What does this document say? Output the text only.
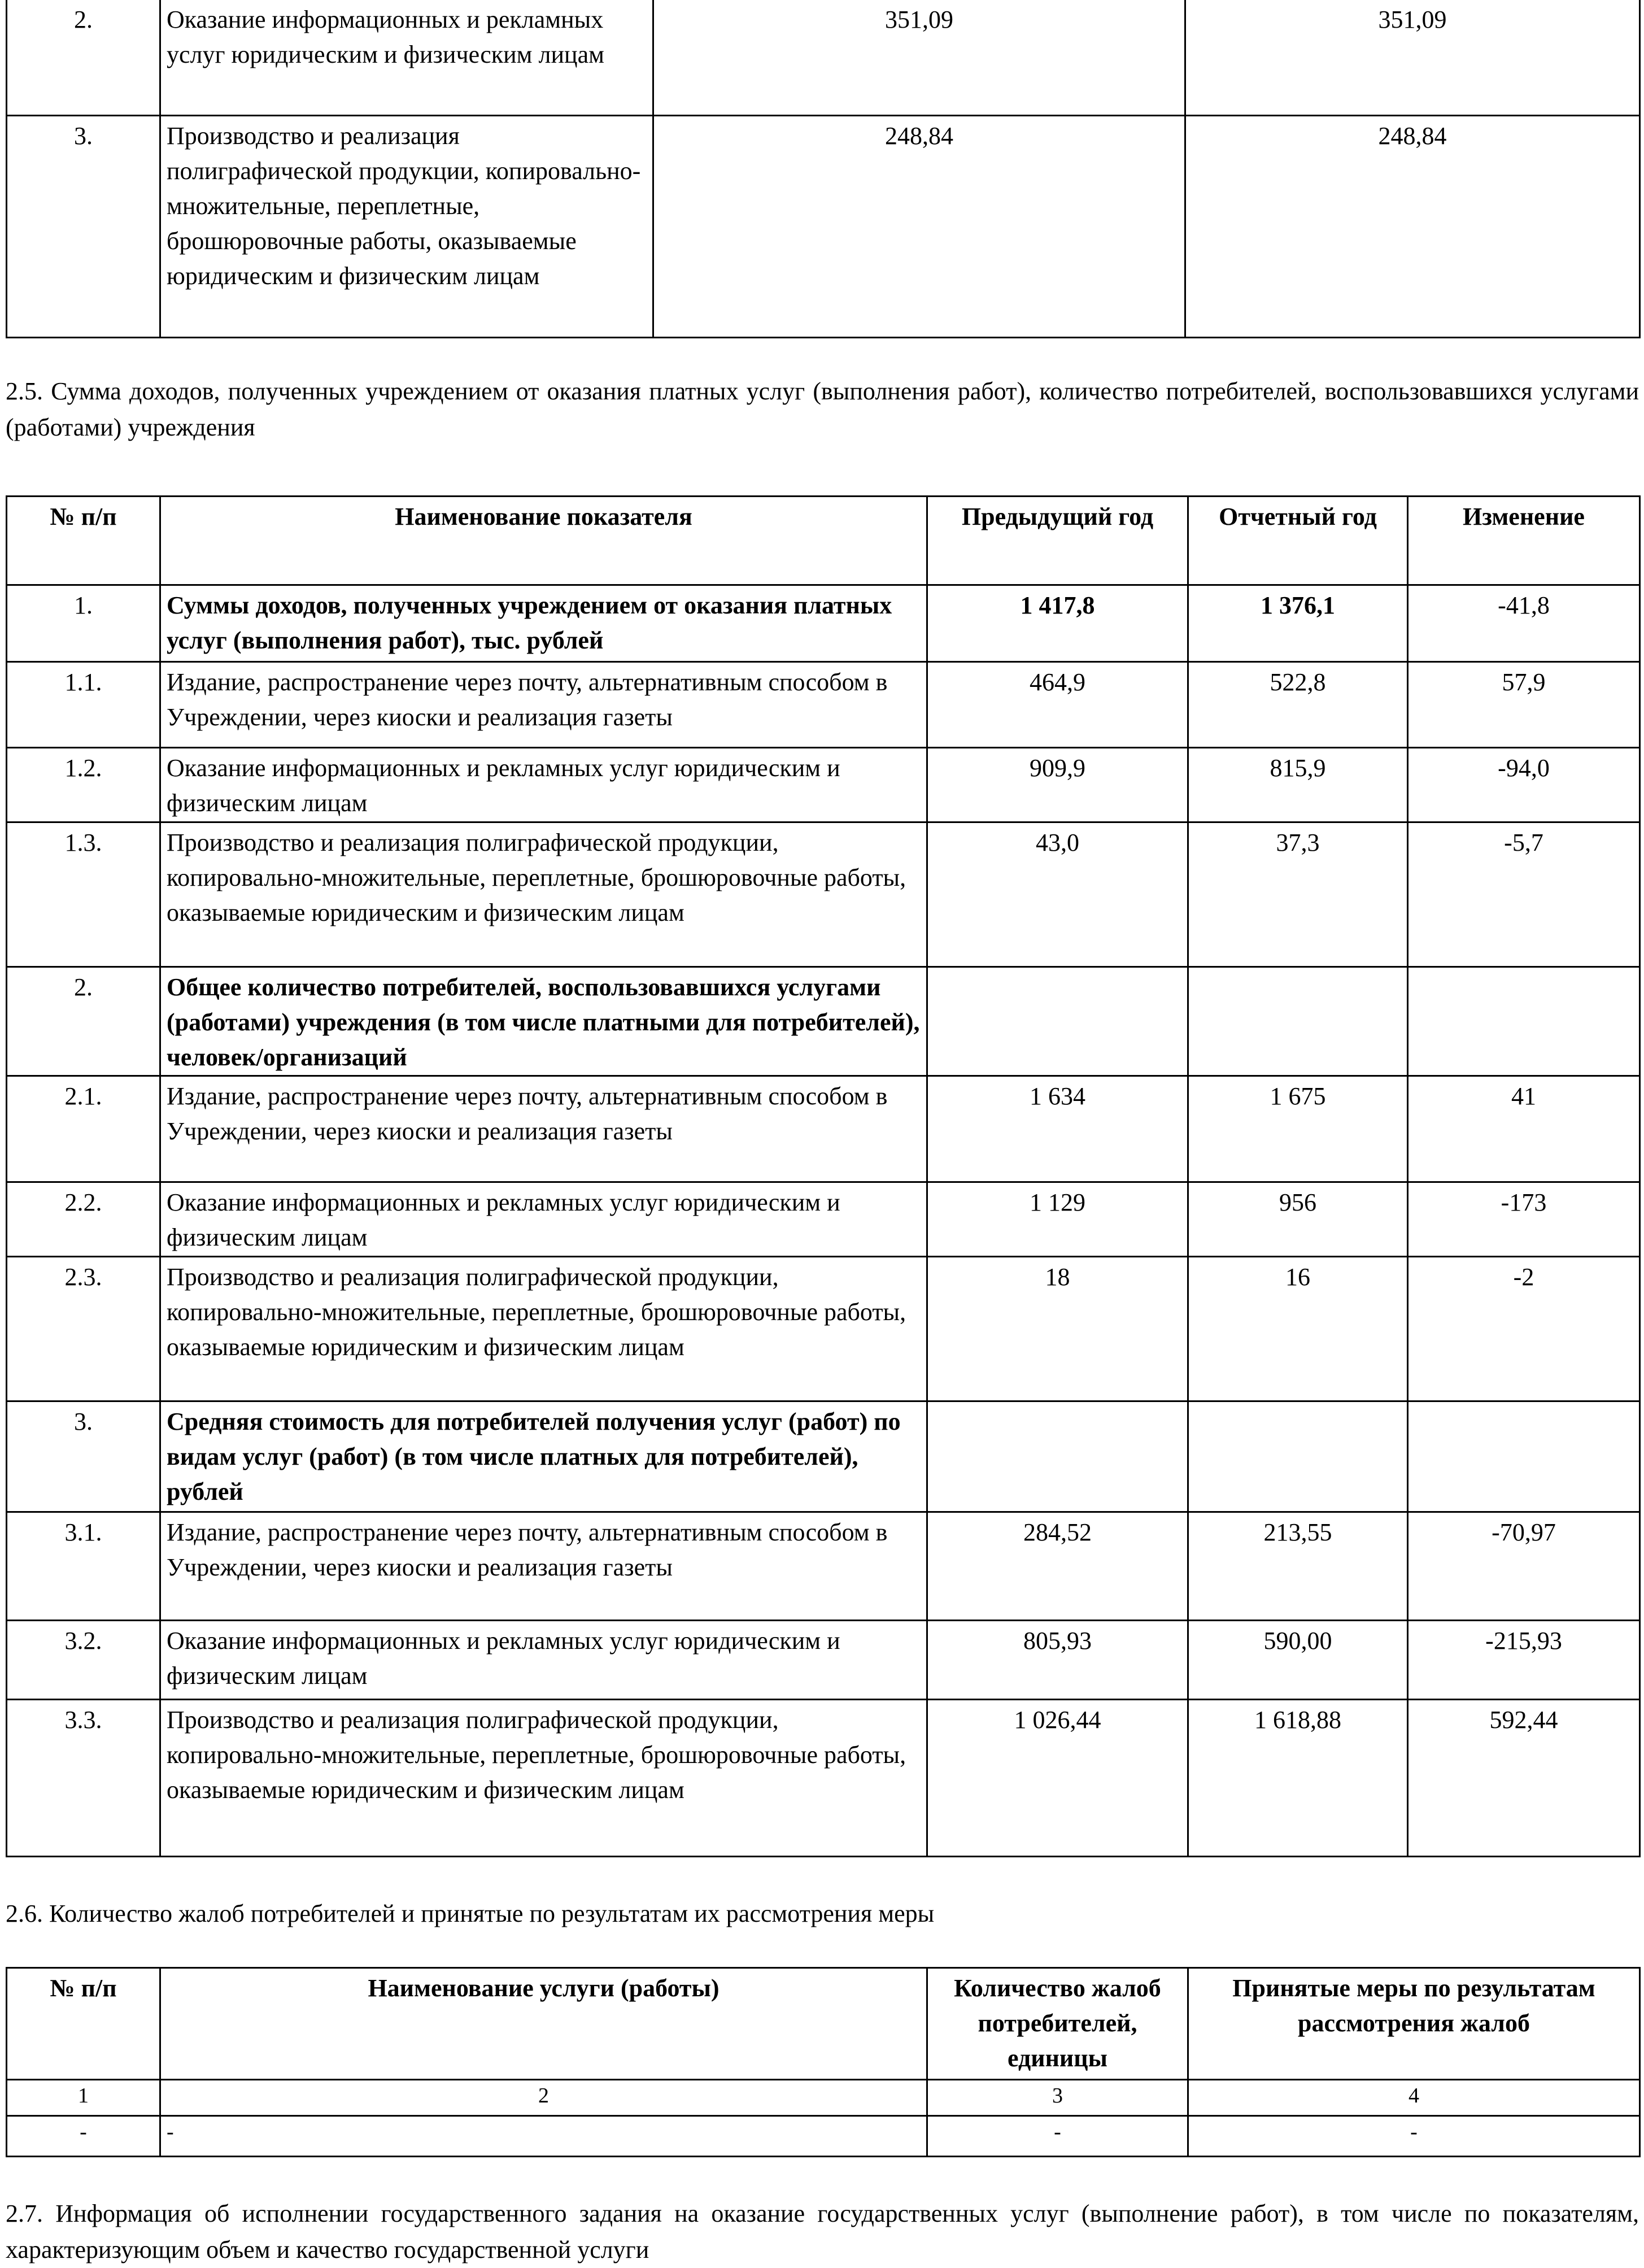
2.	Оказание информационных и рекламных услуг юридическим и физическим лицам	351,09	351,09
3.	Производство и реализация полиграфической продукции, копировально-множительные, переплетные, брошюровочные работы, оказываемые юридическим и физическим лицам	248,84	248,84

2.5. Сумма доходов, полученных учреждением от оказания платных услуг (выполнения работ), количество потребителей, воспользовавшихся услугами (работами) учреждения

№ п/п	Наименование показателя	Предыдущий год	Отчетный год	Изменение
1.	Суммы доходов, полученных учреждением от оказания платных услуг (выполнения работ), тыс. рублей	1 417,8	1 376,1	-41,8
1.1.	Издание, распространение через почту, альтернативным способом в Учреждении, через киоски и реализация газеты	464,9	522,8	57,9
1.2.	Оказание информационных и рекламных услуг юридическим и физическим лицам	909,9	815,9	-94,0
1.3.	Производство и реализация полиграфической продукции, копировально-множительные, переплетные, брошюровочные работы, оказываемые юридическим и физическим лицам	43,0	37,3	-5,7
2.	Общее количество потребителей, воспользовавшихся услугами (работами) учреждения (в том числе платными для потребителей), человек/организаций			
2.1.	Издание, распространение через почту, альтернативным способом в Учреждении, через киоски и реализация газеты	1 634	1 675	41
2.2.	Оказание информационных и рекламных услуг юридическим и физическим лицам	1 129	956	-173
2.3.	Производство и реализация полиграфической продукции, копировально-множительные, переплетные, брошюровочные работы, оказываемые юридическим и физическим лицам	18	16	-2
3.	Средняя стоимость для потребителей получения услуг (работ) по видам услуг (работ) (в том числе платных для потребителей), рублей			
3.1.	Издание, распространение через почту, альтернативным способом в Учреждении, через киоски и реализация газеты	284,52	213,55	-70,97
3.2.	Оказание информационных и рекламных услуг юридическим и физическим лицам	805,93	590,00	-215,93
3.3.	Производство и реализация полиграфической продукции, копировально-множительные, переплетные, брошюровочные работы, оказываемые юридическим и физическим лицам	1 026,44	1 618,88	592,44

2.6. Количество жалоб потребителей и принятые по результатам их рассмотрения меры

№ п/п	Наименование услуги (работы)	Количество жалоб потребителей, единицы	Принятые меры по результатам рассмотрения жалоб
1	2	3	4
-	-	-	-

2.7. Информация об исполнении государственного задания на оказание государственных услуг (выполнение работ), в том числе по показателям, характеризующим объем и качество государственной услуги
